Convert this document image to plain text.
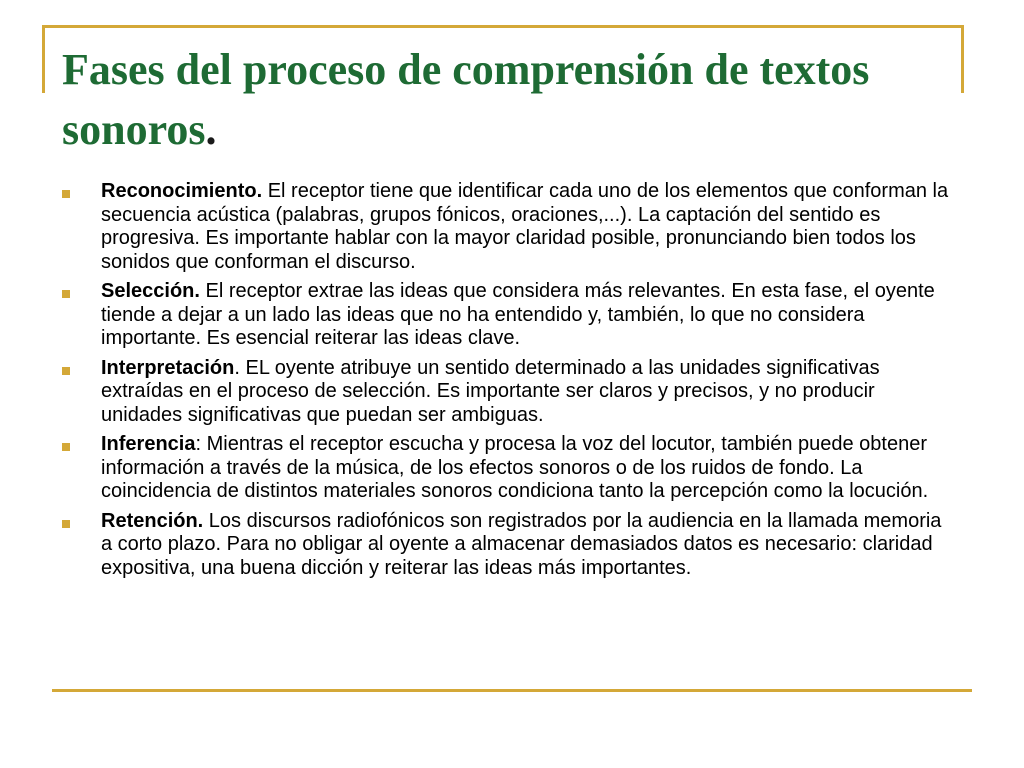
Fases del proceso de comprensión de textos sonoros.
Reconocimiento. El receptor tiene que identificar cada uno de los elementos que conforman la secuencia acústica (palabras, grupos fónicos, oraciones,...). La captación del sentido es progresiva. Es importante hablar con la mayor claridad posible, pronunciando bien todos los sonidos que conforman el discurso.
Selección. El receptor extrae las ideas que considera más relevantes. En esta fase, el oyente tiende a dejar a un lado las ideas que no ha entendido y, también, lo que no considera importante. Es esencial reiterar las ideas clave.
Interpretación. EL oyente atribuye un sentido determinado a las unidades significativas extraídas en el proceso de selección. Es importante ser claros y precisos, y no producir unidades significativas que puedan ser ambiguas.
Inferencia: Mientras el receptor escucha y procesa la voz del locutor, también puede obtener información a través de la música, de los efectos sonoros o de los ruidos de fondo. La coincidencia de distintos materiales sonoros condiciona tanto la percepción como la locución.
Retención. Los discursos radiofónicos son registrados por la audiencia en la llamada memoria a corto plazo. Para no obligar al oyente a almacenar demasiados datos es necesario: claridad expositiva, una buena dicción y reiterar las ideas más importantes.
